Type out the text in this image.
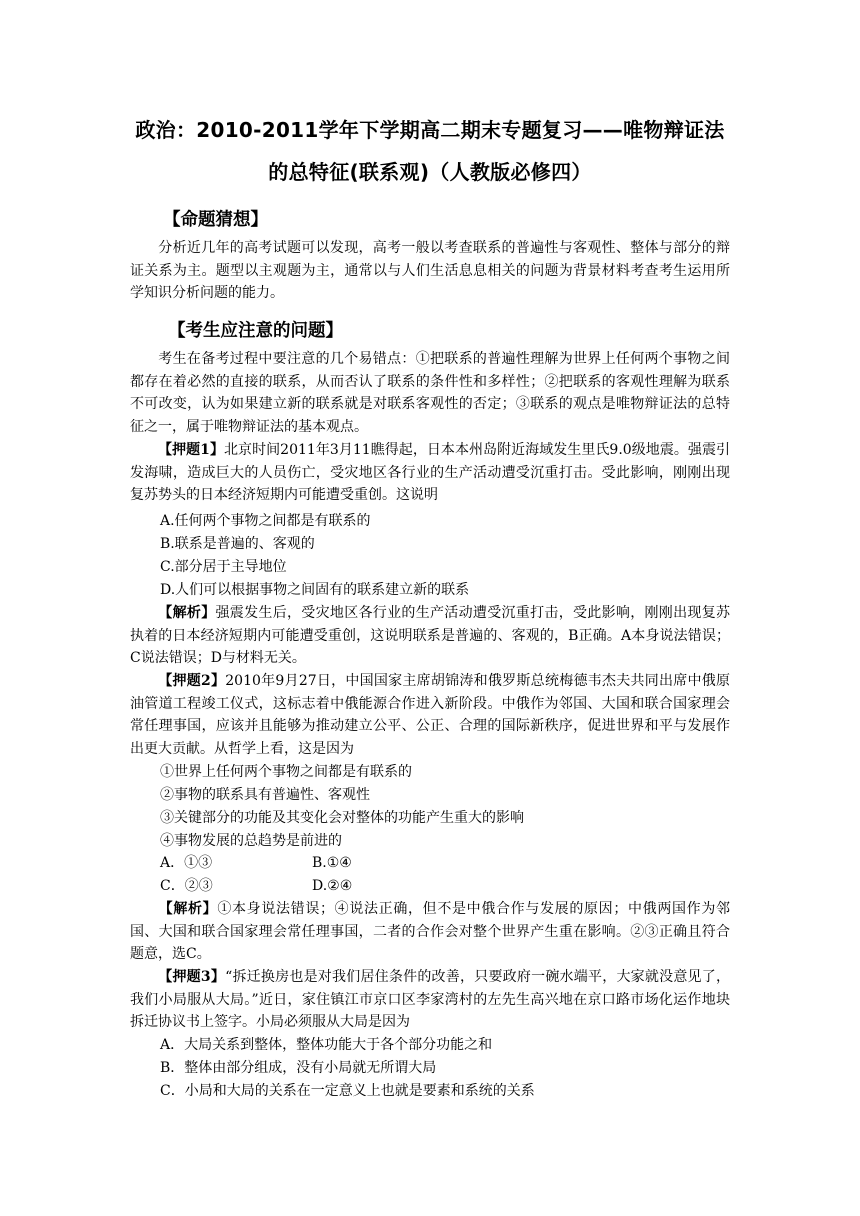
政治：2010-2011学年下学期高二期末专题复习——唯物辩证法
的总特征(联系观)（人教版必修四）
【命题猜想】
分析近几年的高考试题可以发现，高考一般以考查联系的普遍性与客观性、整体与部分的辩证关系为主。题型以主观题为主，通常以与人们生活息息相关的问题为背景材料考查考生运用所学知识分析问题的能力。
【考生应注意的问题】
考生在备考过程中要注意的几个易错点：①把联系的普遍性理解为世界上任何两个事物之间都存在着必然的直接的联系，从而否认了联系的条件性和多样性；②把联系的客观性理解为联系不可改变，认为如果建立新的联系就是对联系客观性的否定；③联系的观点是唯物辩证法的总特征之一，属于唯物辩证法的基本观点。
【押题1】北京时间2011年3月11瞧得起，日本本州岛附近海域发生里氏9.0级地震。强震引发海啸，造成巨大的人员伤亡，受灾地区各行业的生产活动遭受沉重打击。受此影响，刚刚出现复苏势头的日本经济短期内可能遭受重创。这说明
A.任何两个事物之间都是有联系的
B.联系是普遍的、客观的
C.部分居于主导地位
D.人们可以根据事物之间固有的联系建立新的联系
【解析】强震发生后，受灾地区各行业的生产活动遭受沉重打击，受此影响，刚刚出现复苏执着的日本经济短期内可能遭受重创，这说明联系是普遍的、客观的，B正确。A本身说法错误；C说法错误；D与材料无关。
【押题2】2010年9月27日，中国国家主席胡锦涛和俄罗斯总统梅德韦杰夫共同出席中俄原油管道工程竣工仪式，这标志着中俄能源合作进入新阶段。中俄作为邻国、大国和联合国家理会常任理事国，应该并且能够为推动建立公平、公正、合理的国际新秩序，促进世界和平与发展作出更大贡献。从哲学上看，这是因为
①世界上任何两个事物之间都是有联系的
②事物的联系具有普遍性、客观性
③关键部分的功能及其变化会对整体的功能产生重大的影响
④事物发展的总趋势是前进的
A．①③	B.①④
C．②③	D.②④
【解析】①本身说法错误；④说法正确，但不是中俄合作与发展的原因；中俄两国作为邻国、大国和联合国家理会常任理事国，二者的合作会对整个世界产生重在影响。②③正确且符合题意，选C。
【押题3】“拆迁换房也是对我们居住条件的改善，只要政府一碗水端平，大家就没意见了，我们小局服从大局。”近日，家住镇江市京口区李家湾村的左先生高兴地在京口路市场化运作地块拆迁协议书上签字。小局必须服从大局是因为
A．大局关系到整体，整体功能大于各个部分功能之和
B．整体由部分组成，没有小局就无所谓大局
C．小局和大局的关系在一定意义上也就是要素和系统的关系
